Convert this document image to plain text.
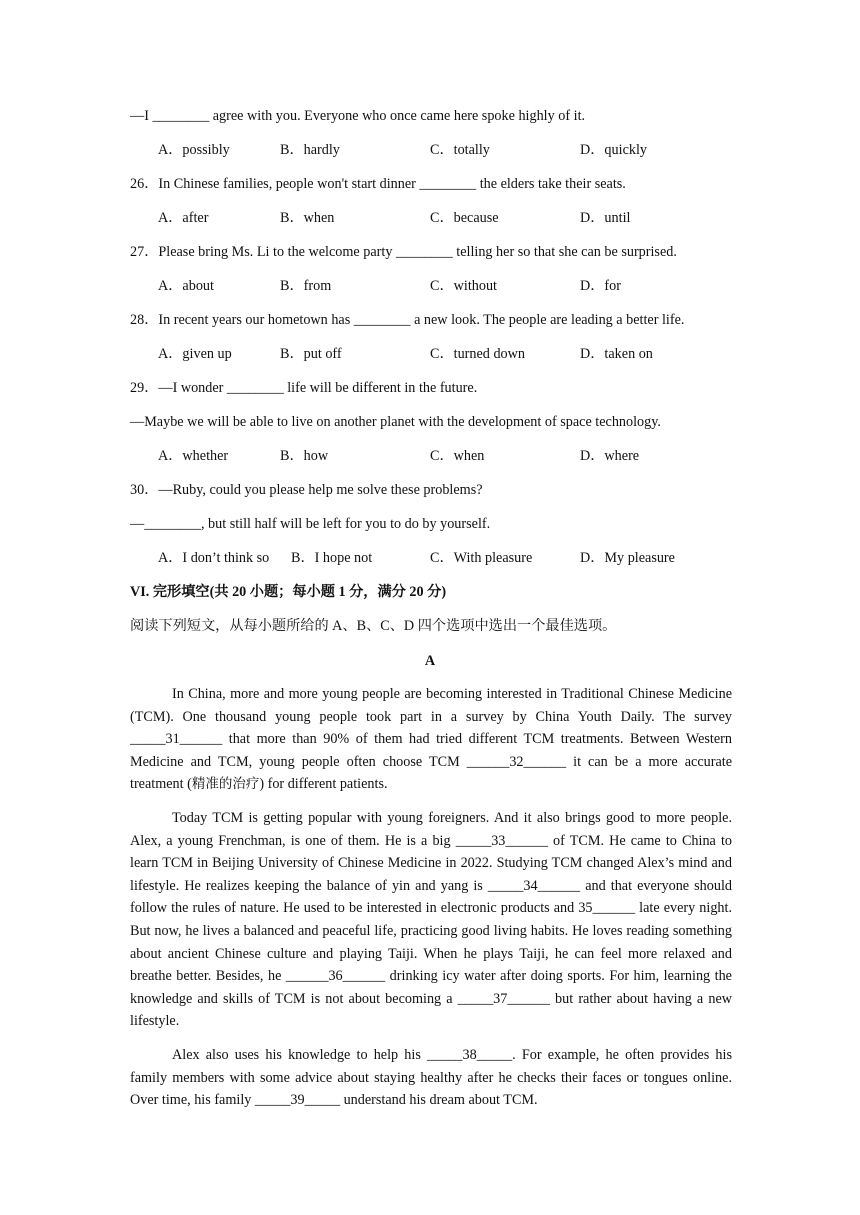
—I ________ agree with you. Everyone who once came here spoke highly of it.
A．possibly	B．hardly	C．totally	D．quickly
26．In Chinese families, people won't start dinner ________ the elders take their seats.
A．after	B．when	C．because	D．until
27．Please bring Ms. Li to the welcome party ________ telling her so that she can be surprised.
A．about	B．from	C．without	D．for
28．In recent years our hometown has ________ a new look. The people are leading a better life.
A．given up	B．put off	C．turned down	D．taken on
29．—I wonder ________ life will be different in the future.
—Maybe we will be able to live on another planet with the development of space technology.
A．whether	B．how	C．when	D．where
30．—Ruby, could you please help me solve these problems?
—________, but still half will be left for you to do by yourself.
A．I don’t think so B．I hope not	C．With pleasure	D．My pleasure
VI. 完形填空(共 20 小题；每小题 1 分，满分 20 分)
阅读下列短文，从每小题所给的 A、B、C、D 四个选项中选出一个最佳选项。
A

In China, more and more young people are becoming interested in Traditional Chinese Medicine (TCM). One thousand young people took part in a survey by China Youth Daily. The survey _____31______ that more than 90% of them had tried different TCM treatments. Between Western Medicine and TCM, young people often choose TCM ______32______ it can be a more accurate treatment (精准的治疗) for different patients.

Today TCM is getting popular with young foreigners. And it also brings good to more people. Alex, a young Frenchman, is one of them. He is a big _____33______ of TCM. He came to China to learn TCM in Beijing University of Chinese Medicine in 2022. Studying TCM changed Alex’s mind and lifestyle. He realizes keeping the balance of yin and yang is _____34______ and that everyone should follow the rules of nature. He used to be interested in electronic products and 35______ late every night. But now, he lives a balanced and peaceful life, practicing good living habits. He loves reading something about ancient Chinese culture and playing Taiji. When he plays Taiji, he can feel more relaxed and breathe better. Besides, he ______36______ drinking icy water after doing sports. For him, learning the knowledge and skills of TCM is not about becoming a _____37______ but rather about having a new lifestyle.

Alex also uses his knowledge to help his _____38_____. For example, he often provides his family members with some advice about staying healthy after he checks their faces or tongues online. Over time, his family _____39_____ understand his dream about TCM.
